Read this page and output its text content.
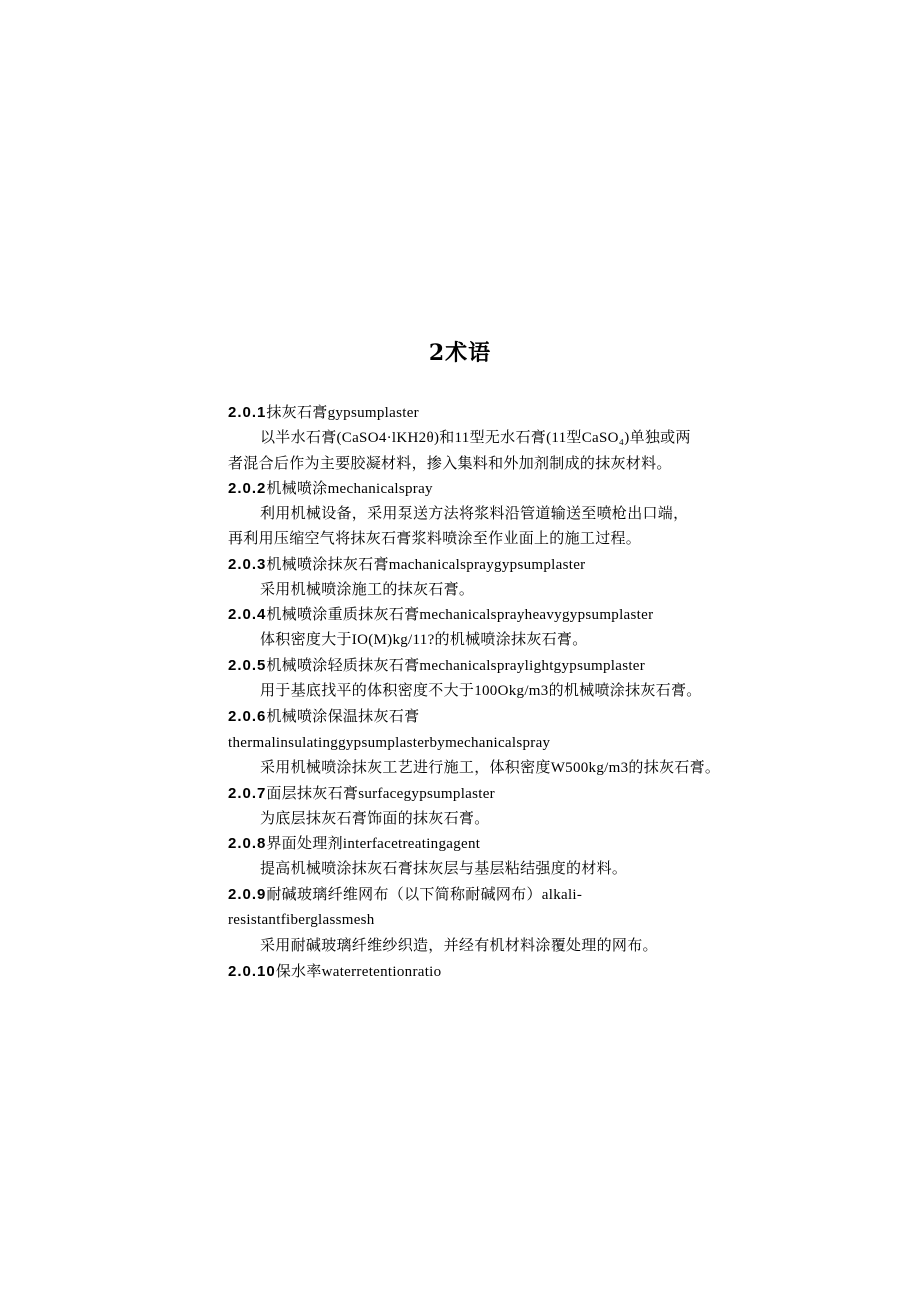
2术语
2.0.1抹灰石膏gypsumplaster
以半水石膏(CaSO4·lKH2θ)和11型无水石膏(11型CaSO₄)单独或两
者混合后作为主要胶凝材料，掺入集料和外加剂制成的抹灰材料。
2.0.2机械喷涂mechanicalspray
利用机械设备，采用泵送方法将浆料沿管道输送至喷枪出口端，
再利用压缩空气将抹灰石膏浆料喷涂至作业面上的施工过程。
2.0.3机械喷涂抹灰石膏machanicalspraygypsumplaster
采用机械喷涂施工的抹灰石膏。
2.0.4机械喷涂重质抹灰石膏mechanicalsprayheavygypsumplaster
体积密度大于IO(M)kg/11?的机械喷涂抹灰石膏。
2.0.5机械喷涂轻质抹灰石膏mechanicalspraylightgypsumplaster
用于基底找平的体积密度不大于100Okg/m3的机械喷涂抹灰石膏。
2.0.6机械喷涂保温抹灰石膏
thermalinsulatinggypsumplasterbymechanicalspray
采用机械喷涂抹灰工艺进行施工，体积密度W500kg/m3的抹灰石膏。
2.0.7面层抹灰石膏surfacegypsumplaster
为底层抹灰石膏饰面的抹灰石膏。
2.0.8界面处理剂interfacetreatingagent
提高机械喷涂抹灰石膏抹灰层与基层粘结强度的材料。
2.0.9耐碱玻璃纤维网布（以下简称耐碱网布）alkali-
resistantfiberglassmesh
采用耐碱玻璃纤维纱织造，并经有机材料涂覆处理的网布。
2.0.10保水率waterretentionratio
